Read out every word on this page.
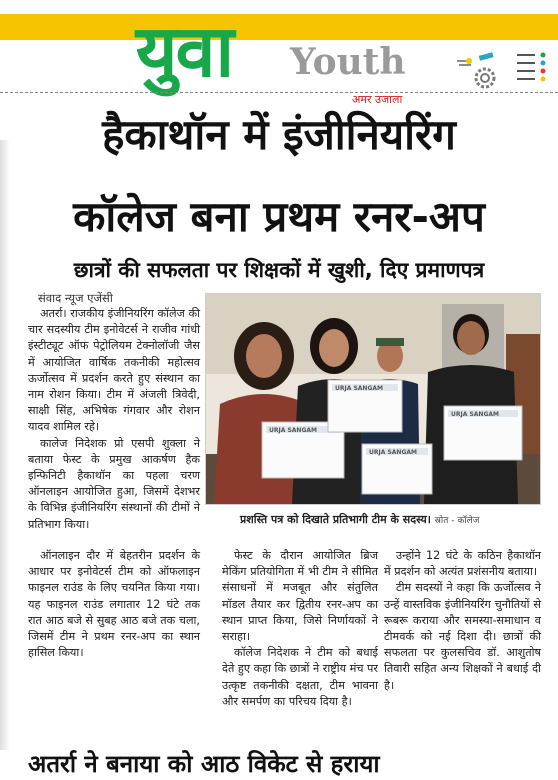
युवा Youth
अमर उजाला
हैकाथॉन में इंजीनियरिंग
कॉलेज बना प्रथम रनर-अप
छात्रों की सफलता पर शिक्षकों में खुशी, दिए प्रमाणपत्र
संवाद न्यूज एजेंसी

अतर्रा। राजकीय इंजीनियरिंग कॉलेज की चार सदस्यीय टीम इनोवेटर्स ने राजीव गांधी इंस्टीट्यूट ऑफ पेट्रोलियम टेक्नोलॉजी जैस में आयोजित वार्षिक तकनीकी महोत्सव ऊर्जोत्सव में प्रदर्शन करते हुए संस्थान का नाम रोशन किया। टीम में अंजली त्रिवेदी, साक्षी सिंह, अभिषेक गंगवार और रोशन यादव शामिल रहे।

कालेज निदेशक प्रो एसपी शुक्ला ने बताया फेस्ट के प्रमुख आकर्षण हैक इन्फिनिटी हैकाथॉन का पहला चरण ऑनलाइन आयोजित हुआ, जिसमें देशभर के विभिन्न इंजीनियरिंग संस्थानों की टीमों ने प्रतिभाग किया।

ऑनलाइन दौर में बेहतरीन प्रदर्शन के आधार पर इनोवेटर्स टीम को ऑफलाइन फाइनल राउंड के लिए चयनित किया गया। यह फाइनल राउंड लगातार 12 घंटे तक रात आठ बजे से सुबह आठ बजे तक चला, जिसमें टीम ने प्रथम रनर-अप का स्थान हासिल किया।

फेस्ट के दौरान आयोजित ब्रिज मेकिंग प्रतियोगिता में भी टीम ने सीमित संसाधनों में मजबूत और संतुलित मॉडल तैयार कर द्वितीय रनर-अप का स्थान प्राप्त किया, जिसे निर्णायकों ने सराहा।

कॉलेज निदेशक ने टीम को बधाई देते हुए कहा कि छात्रों ने राष्ट्रीय मंच पर उत्कृष्ट तकनीकी दक्षता, टीम भावना और समर्पण का परिचय दिया है।

उन्होंने 12 घंटे के कठिन हैकाथॉन में प्रदर्शन को अत्यंत प्रशंसनीय बताया।

टीम सदस्यों ने कहा कि ऊर्जोत्सव ने उन्हें वास्तविक इंजीनियरिंग चुनौतियों से रूबरू कराया और समस्या-समाधान व टीमवर्क को नई दिशा दी। छात्रों की सफलता पर कुलसचिव डॉ. आशुतोष तिवारी सहित अन्य शिक्षकों ने बधाई दी है।

URJA SANGAM
URJA SANGAM
URJA SANGAM
URJA SANGAM
प्रशस्ति पत्र को दिखाते प्रतिभागी टीम के सदस्य। स्रोत - कॉलेज
अतर्रा ने बनाया को आठ विकेट से हराया
